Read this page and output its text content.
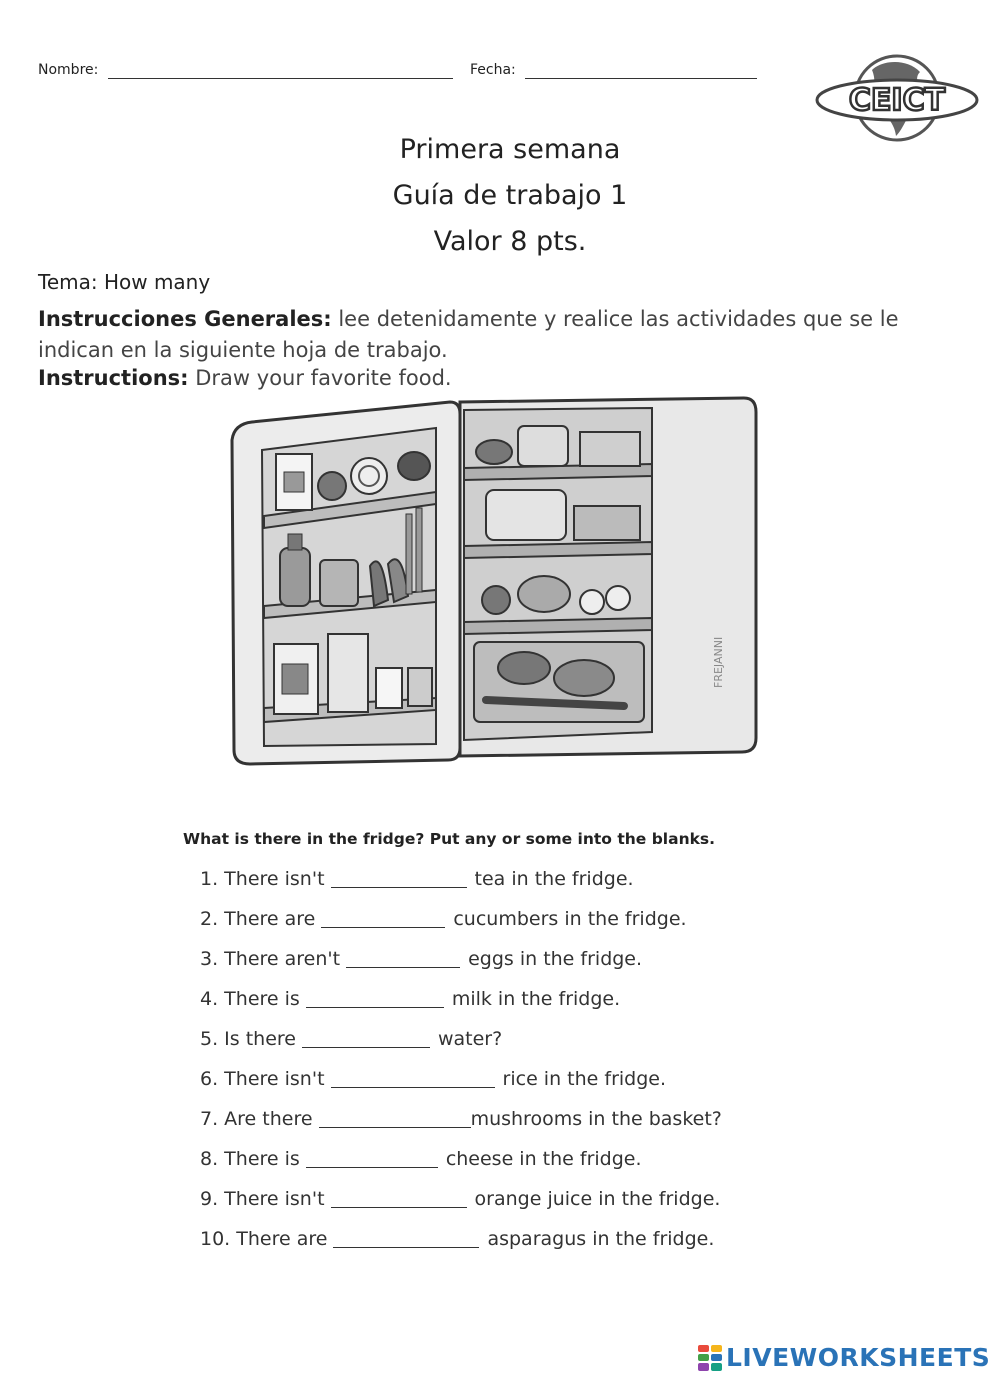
Nombre:	Fecha:
CEICT
Primera semana
Guía de trabajo 1
Valor 8 pts.
Tema: How many
Instrucciones Generales: lee detenidamente y realice las actividades que se le
indican en la siguiente hoja de trabajo.
Instructions: Draw your favorite food.
FREJANNI
What is there in the fridge? Put any or some into the blanks.
1. There isn't	tea in the fridge.
2. There are	cucumbers in the fridge.
3. There aren't	eggs in the fridge.
4. There is	milk in the fridge.
5. Is there	water?
6. There isn't	rice in the fridge.
7. Are there	mushrooms in the basket?
8. There is	cheese in the fridge.
9. There isn't	orange juice in the fridge.
10. There are	asparagus in the fridge.
LIVEWORKSHEETS
